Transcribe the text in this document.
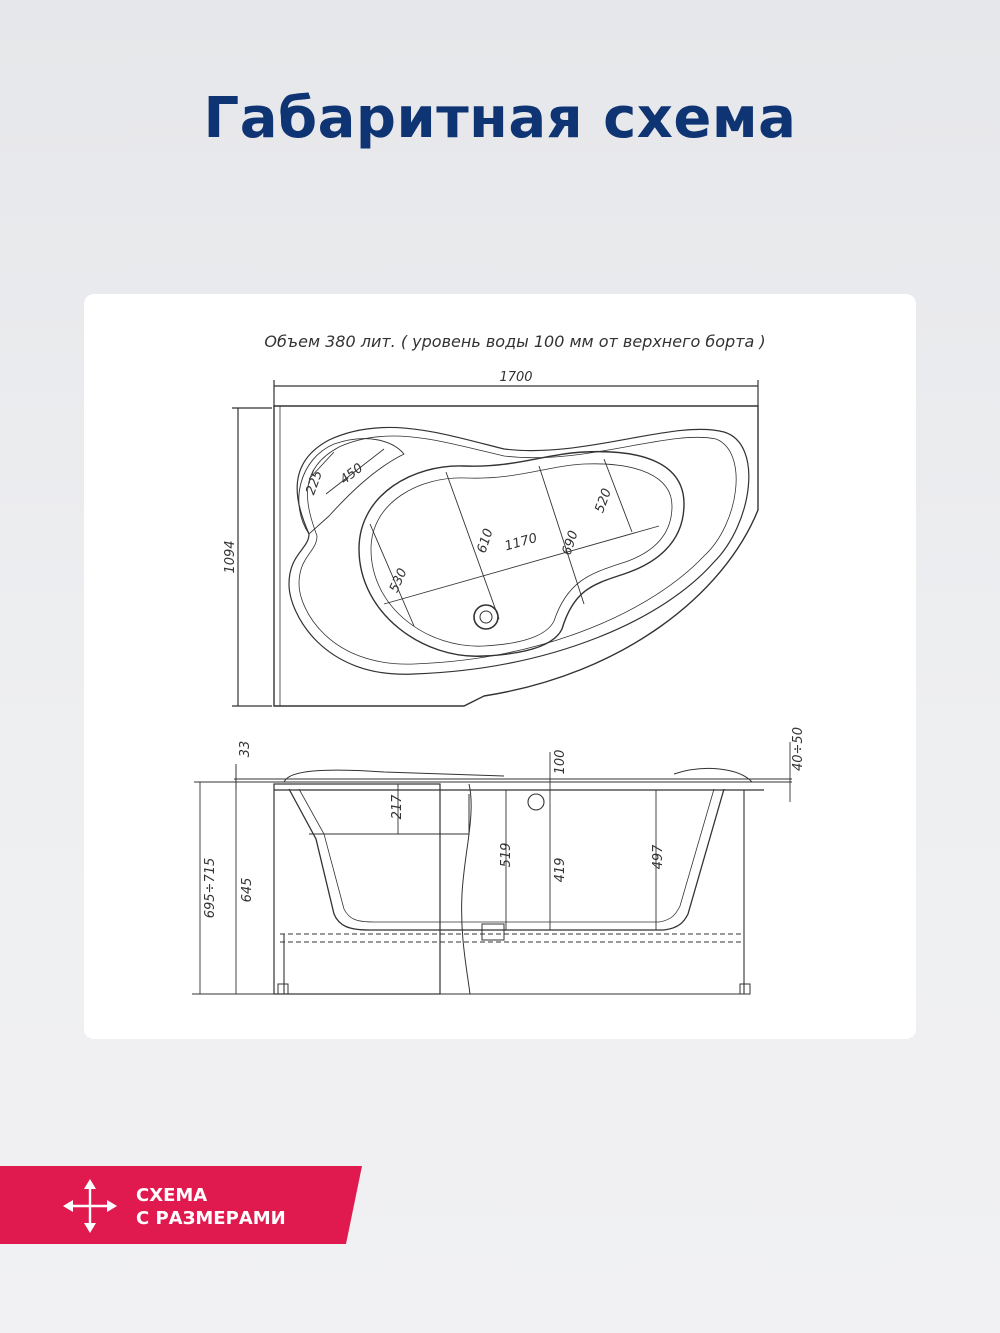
Габаритная схема
Объем 380 лит. ( уровень воды 100 мм от верхнего борта )
1700
1094
225 450
1170
610	690
520
530
33
695÷715 645
217
519
100
419
497
40÷50
СХЕМА
С РАЗМЕРАМИ
